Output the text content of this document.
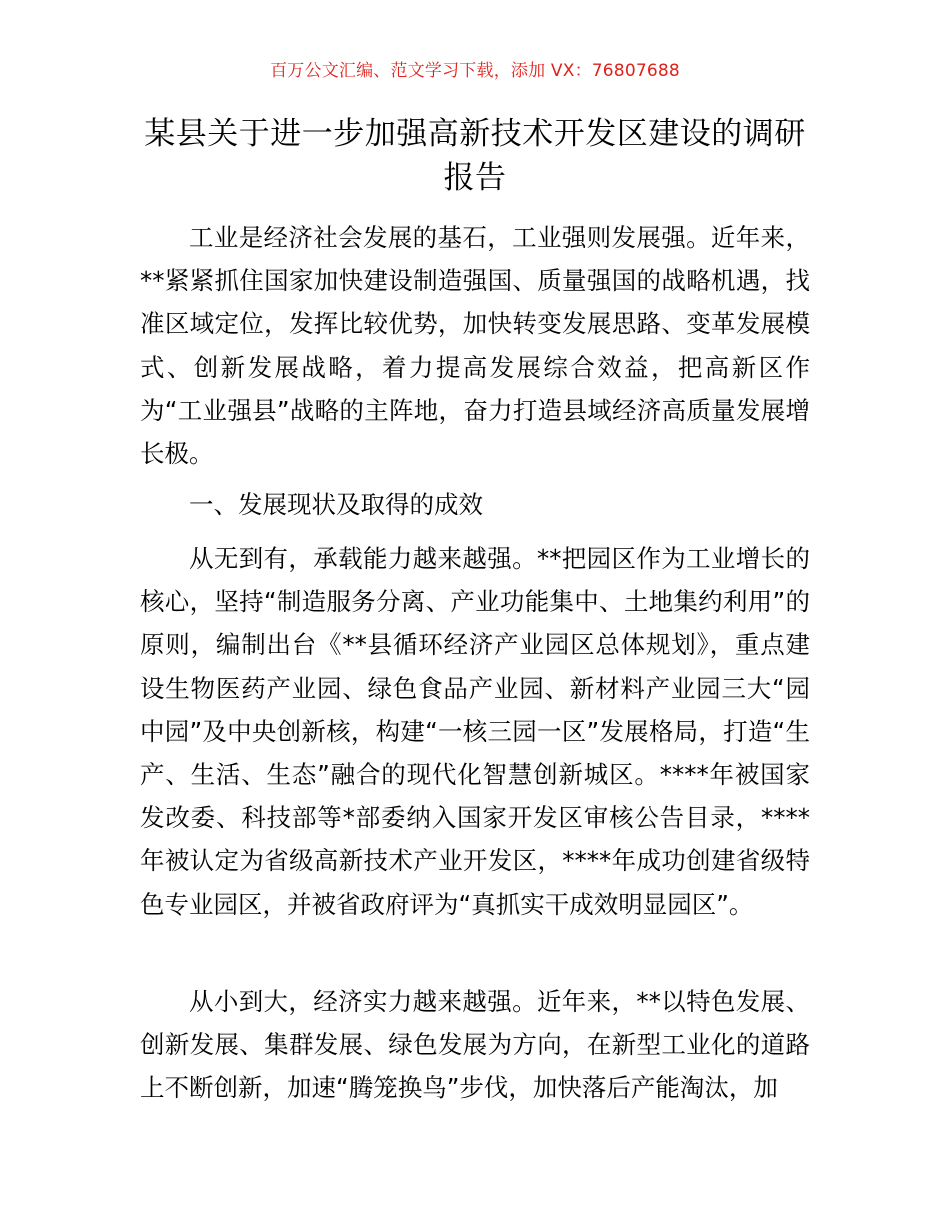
百万公文汇编、范文学习下载，添加 VX：76807688
某县关于进一步加强高新技术开发区建设的调研报告

工业是经济社会发展的基石，工业强则发展强。近年来，**紧紧抓住国家加快建设制造强国、质量强国的战略机遇，找准区域定位，发挥比较优势，加快转变发展思路、变革发展模式、创新发展战略，着力提高发展综合效益，把高新区作为“工业强县”战略的主阵地，奋力打造县域经济高质量发展增长极。

一、发展现状及取得的成效

从无到有，承载能力越来越强。**把园区作为工业增长的核心，坚持“制造服务分离、产业功能集中、土地集约利用”的原则，编制出台《**县循环经济产业园区总体规划》，重点建设生物医药产业园、绿色食品产业园、新材料产业园三大“园中园”及中央创新核，构建“一核三园一区”发展格局，打造“生产、生活、生态”融合的现代化智慧创新城区。****年被国家发改委、科技部等*部委纳入国家开发区审核公告目录，****年被认定为省级高新技术产业开发区，****年成功创建省级特色专业园区，并被省政府评为“真抓实干成效明显园区”。

从小到大，经济实力越来越强。近年来，**以特色发展、创新发展、集群发展、绿色发展为方向，在新型工业化的道路上不断创新，加速“腾笼换鸟”步伐，加快落后产能淘汰，加
